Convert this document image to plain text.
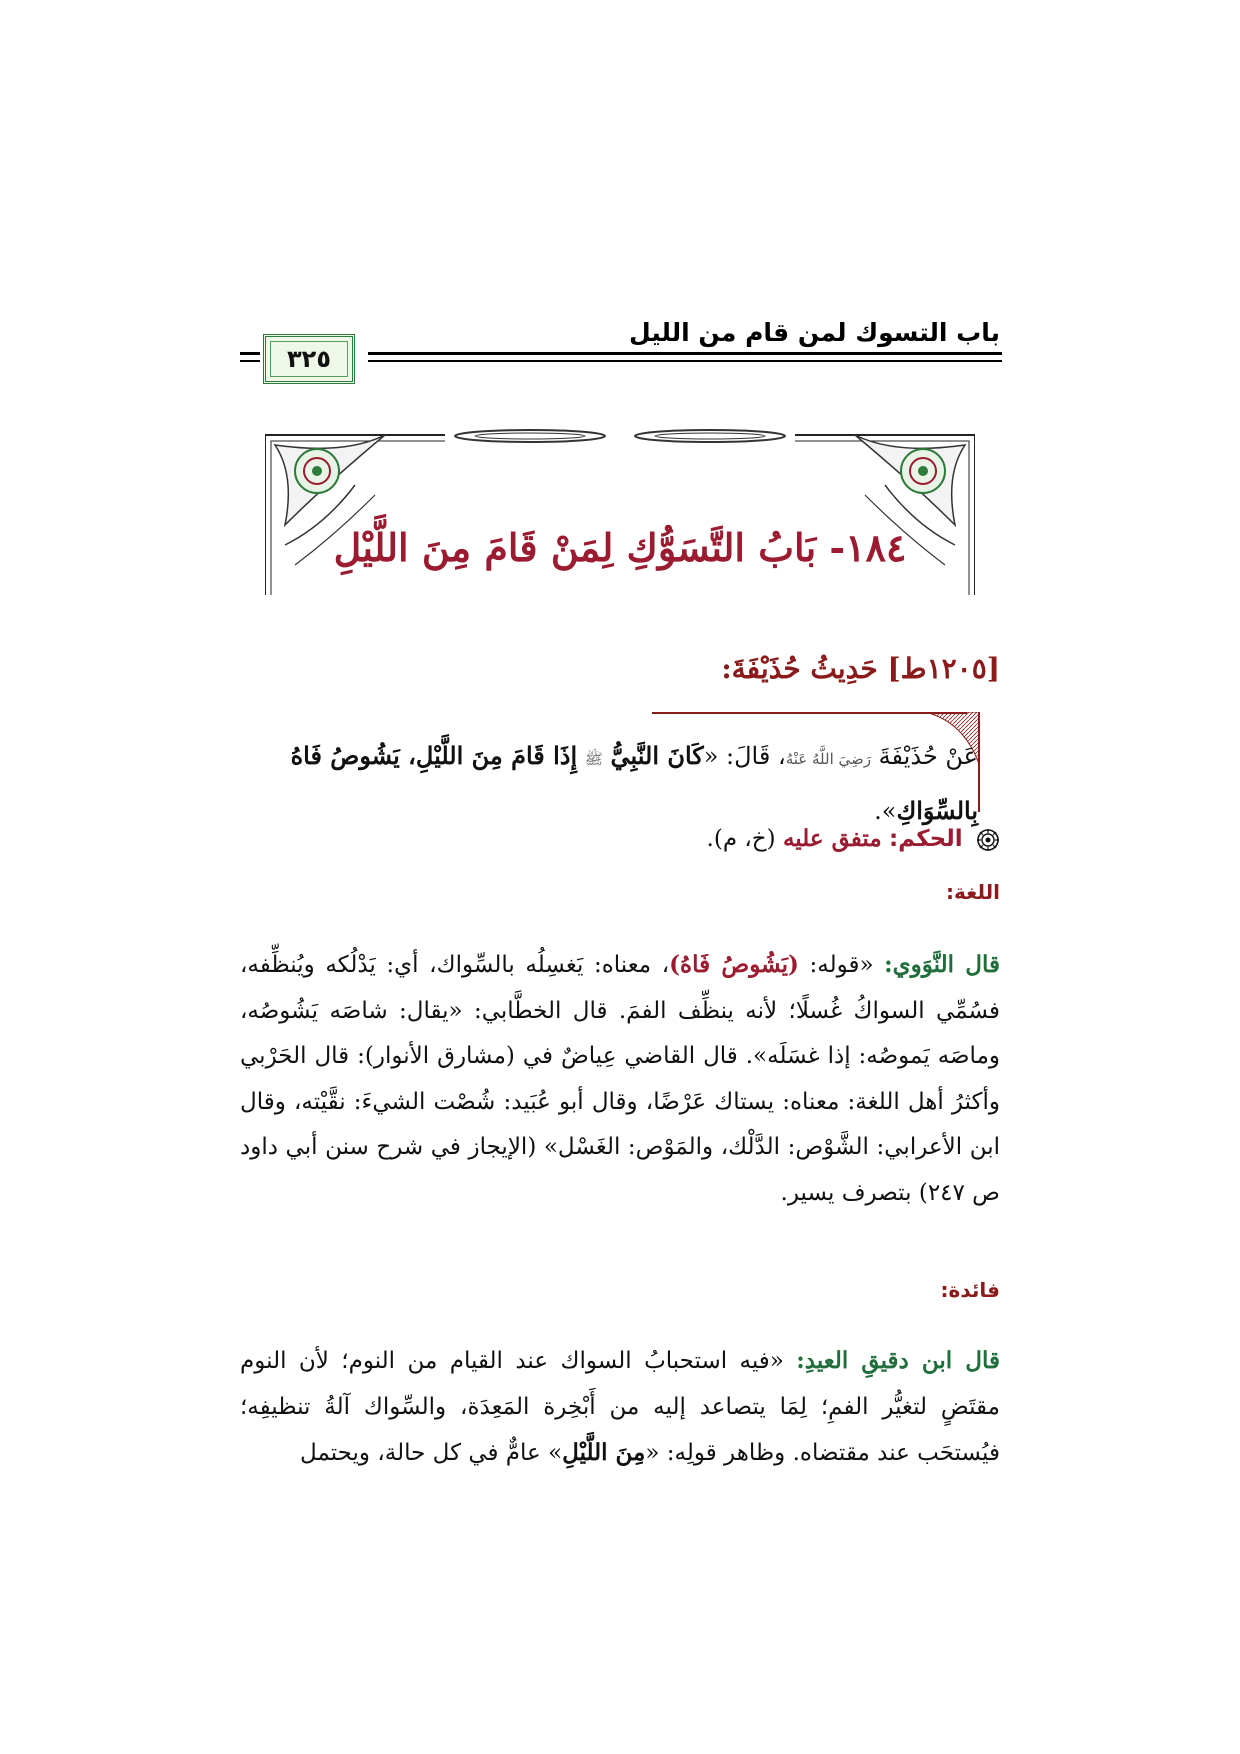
باب التسوك لمن قام من الليل
٣٢٥
١٨٤- بَابُ التَّسَوُّكِ لِمَنْ قَامَ مِنَ اللَّيْلِ
[١٢٠٥ط] حَدِيثُ حُذَيْفَةَ:
عَنْ حُذَيْفَةَ رَضِيَ اللَّهُ عَنْهُ، قَالَ: «كَانَ النَّبِيُّ ﷺ إِذَا قَامَ مِنَ اللَّيْلِ، يَشُوصُ فَاهُ بِالسِّوَاكِ».
الحكم: متفق عليه (خ، م).
اللغة:
قال النَّوَوي: «قوله: (يَشُوصُ فَاهُ)، معناه: يَغسِلُه بالسِّواك، أي: يَدْلُكه ويُنظِّفه، فسُمِّي السواكُ غُسلًا؛ لأنه ينظِّف الفمَ. قال الخطَّابي: «يقال: شاصَه يَشُوصُه، وماصَه يَموصُه: إذا غسَلَه». قال القاضي عِياضٌ في (مشارق الأنوار): قال الحَرْبي وأكثرُ أهل اللغة: معناه: يستاك عَرْضًا، وقال أبو عُبَيد: شُصْت الشيءَ: نقَّيْته، وقال ابن الأعرابي: الشَّوْص: الدَّلْك، والمَوْص: الغَسْل» (الإيجاز في شرح سنن أبي داود ص ٢٤٧) بتصرف يسير.
فائدة:
قال ابن دقيقِ العيدِ: «فيه استحبابُ السواك عند القيام من النوم؛ لأن النوم مقتَضٍ لتغيُّر الفمِ؛ لِمَا يتصاعد إليه من أَبْخِرة المَعِدَة، والسِّواك آلةُ تنظيفِه؛ فيُستحَب عند مقتضاه. وظاهر قولِه: «مِنَ اللَّيْلِ» عامٌّ في كل حالة، ويحتمل
